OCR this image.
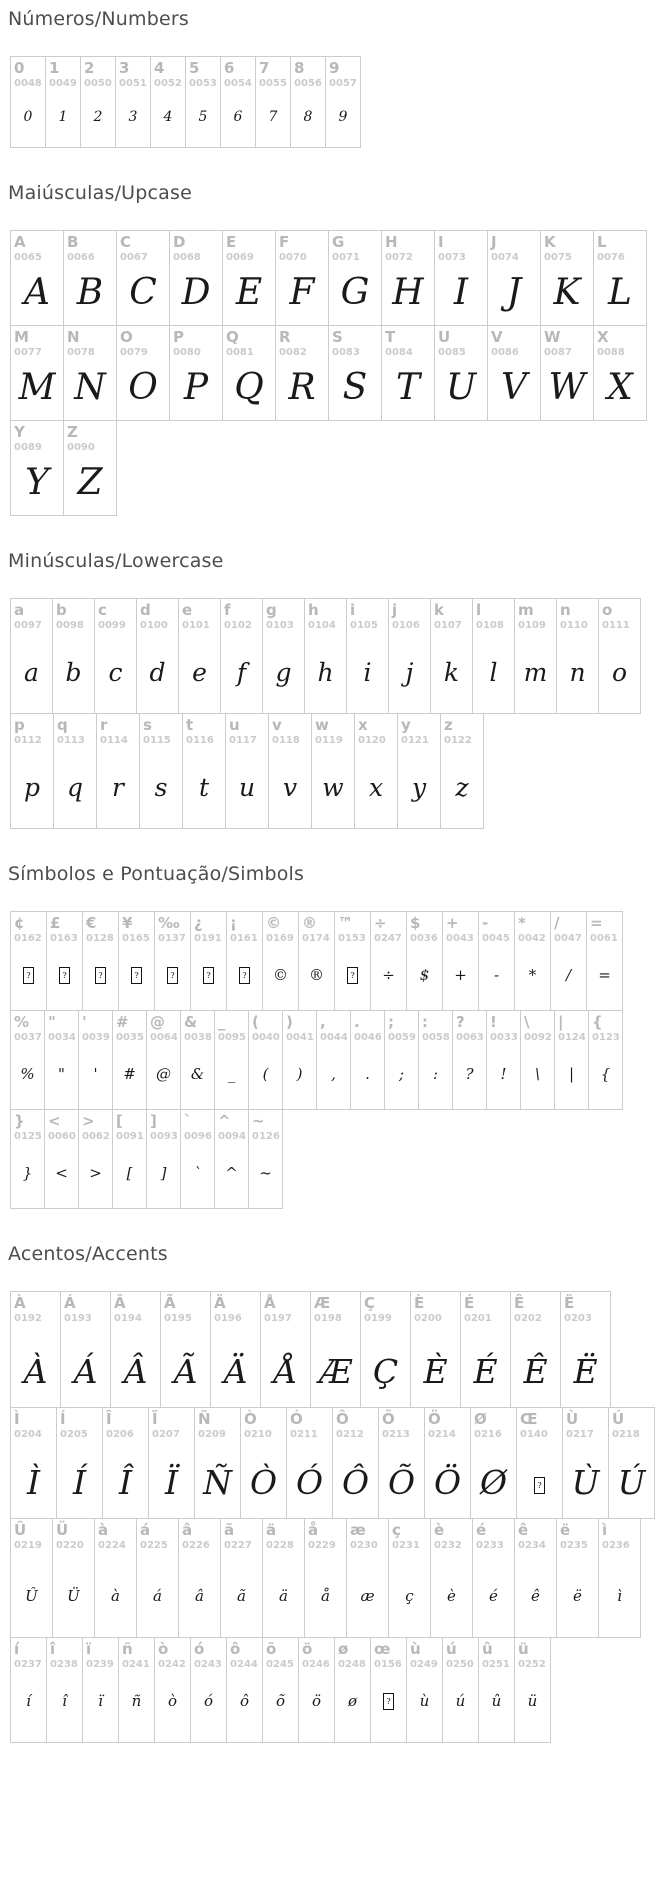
Números/Numbers
0
0048
0
1
0049
1
2
0050
2
3
0051
3
4
0052
4
5
0053
5
6
0054
6
7
0055
7
8
0056
8
9
0057
9
Maiúsculas/Upcase
A
0065
A
B
0066
B
C
0067
C
D
0068
D
E
0069
E
F
0070
F
G
0071
G
H
0072
H
I
0073
I
J
0074
J
K
0075
K
L
0076
L
M
0077
M
N
0078
N
O
0079
O
P
0080
P
Q
0081
Q
R
0082
R
S
0083
S
T
0084
T
U
0085
U
V
0086
V
W
0087
W
X
0088
X
Y
0089
Y
Z
0090
Z
Minúsculas/Lowercase
a
0097
a
b
0098
b
c
0099
c
d
0100
d
e
0101
e
f
0102
f
g
0103
g
h
0104
h
i
0105
i
j
0106
j
k
0107
k
l
0108
l
m
0109
m
n
0110
n
o
0111
o
p
0112
p
q
0113
q
r
0114
r
s
0115
s
t
0116
t
u
0117
u
v
0118
v
w
0119
w
x
0120
x
y
0121
y
z
0122
z
Símbolos e Pontuação/Simbols
¢
0162
?
£
0163
?
€
0128
?
¥
0165
?
‰
0137
?
¿
0191
?
¡
0161
?
©
0169
©
®
0174
®
™
0153
?
÷
0247
÷
$
0036
$
+
0043
+
-
0045
-
*
0042
*
/
0047
/
=
0061
=
%
0037
%
"
0034
"
'
0039
'
#
0035
#
@
0064
@
&
0038
&
_
0095
_
(
0040
(
)
0041
)
,
0044
,
.
0046
.
;
0059
;
:
0058
:
?
0063
?
!
0033
!
\
0092
\
|
0124
|
{
0123
{
}
0125
}
<
0060
<
>
0062
>
[
0091
[
]
0093
]
`
0096
`
^
0094
^
~
0126
~
Acentos/Accents
À
0192
À
Á
0193
Á
Â
0194
Â
Ã
0195
Ã
Ä
0196
Ä
Å
0197
Å
Æ
0198
Æ
Ç
0199
Ç
È
0200
È
É
0201
É
Ê
0202
Ê
Ë
0203
Ë
Ì
0204
Ì
Í
0205
Í
Î
0206
Î
Ï
0207
Ï
Ñ
0209
Ñ
Ò
0210
Ò
Ó
0211
Ó
Ô
0212
Ô
Õ
0213
Õ
Ö
0214
Ö
Ø
0216
Ø
Œ
0140
?
Ù
0217
Ù
Ú
0218
Ú
Û
0219
Û
Ü
0220
Ü
à
0224
à
á
0225
á
â
0226
â
ã
0227
ã
ä
0228
ä
å
0229
å
æ
0230
æ
ç
0231
ç
è
0232
è
é
0233
é
ê
0234
ê
ë
0235
ë
ì
0236
ì
í
0237
í
î
0238
î
ï
0239
ï
ñ
0241
ñ
ò
0242
ò
ó
0243
ó
ô
0244
ô
õ
0245
õ
ö
0246
ö
ø
0248
ø
œ
0156
?
ù
0249
ù
ú
0250
ú
û
0251
û
ü
0252
ü
